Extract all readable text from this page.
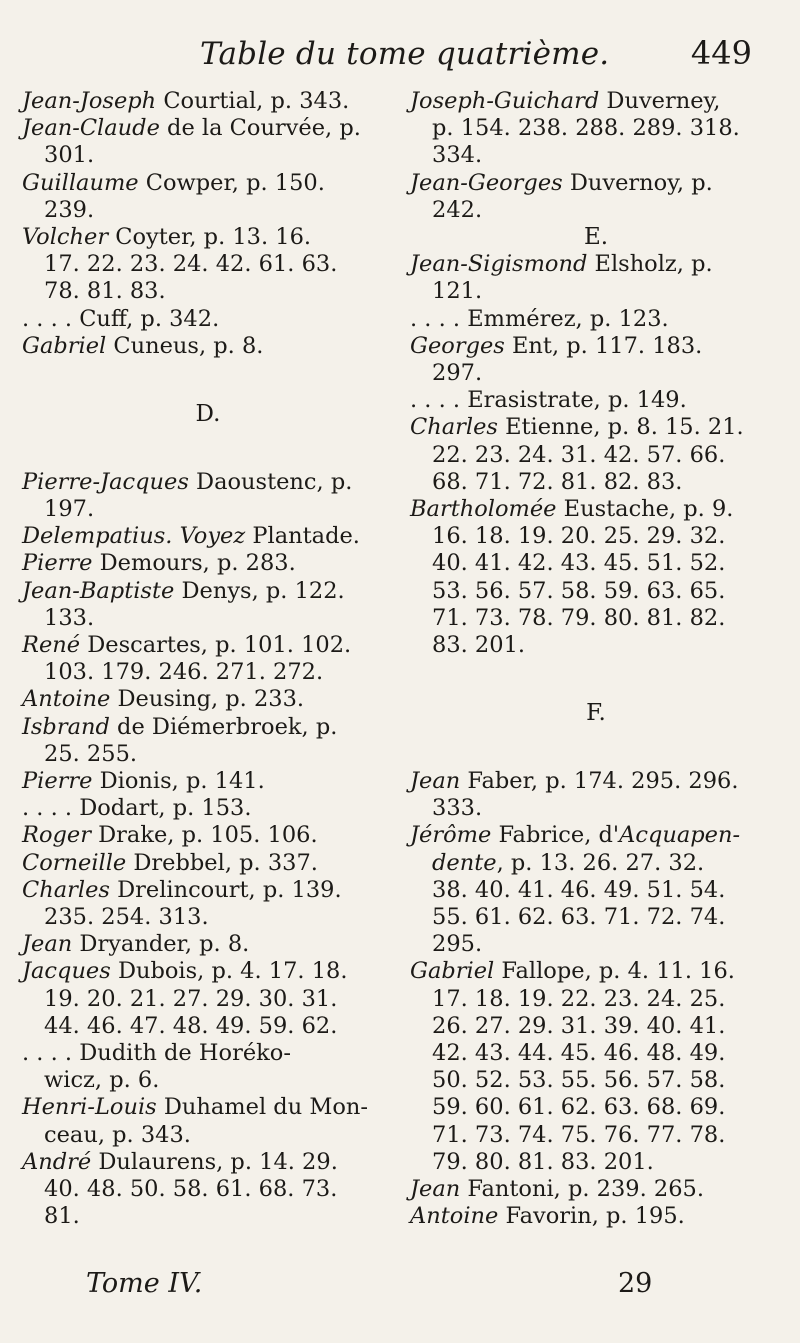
Table du tome quatrième.	449
Jean-Joseph Courtial, p. 343.
Jean-Claude de la Courvée, p.
301.
Guillaume Cowper, p. 150.
239.
Volcher Coyter, p. 13. 16.
17. 22. 23. 24. 42. 61. 63.
78. 81. 83.
. . . . Cuff, p. 342.
Gabriel Cuneus, p. 8.
D.
Pierre-Jacques Daoustenc, p.
197.
Delempatius. Voyez Plantade.
Pierre Demours, p. 283.
Jean-Baptiste Denys, p. 122.
133.
René Descartes, p. 101. 102.
103. 179. 246. 271. 272.
Antoine Deusing, p. 233.
Isbrand de Diémerbroek, p.
25. 255.
Pierre Dionis, p. 141.
. . . . Dodart, p. 153.
Roger Drake, p. 105. 106.
Corneille Drebbel, p. 337.
Charles Drelincourt, p. 139.
235. 254. 313.
Jean Dryander, p. 8.
Jacques Dubois, p. 4. 17. 18.
19. 20. 21. 27. 29. 30. 31.
44. 46. 47. 48. 49. 59. 62.
. . . . Dudith de Horéko-
wicz, p. 6.
Henri-Louis Duhamel du Mon-
ceau, p. 343.
André Dulaurens, p. 14. 29.
40. 48. 50. 58. 61. 68. 73.
81.
Joseph-Guichard Duverney,
p. 154. 238. 288. 289. 318.
334.
Jean-Georges Duvernoy, p.
242.
E.
Jean-Sigismond Elsholz, p.
121.
. . . . Emmérez, p. 123.
Georges Ent, p. 117. 183.
297.
. . . . Erasistrate, p. 149.
Charles Etienne, p. 8. 15. 21.
22. 23. 24. 31. 42. 57. 66.
68. 71. 72. 81. 82. 83.
Bartholomée Eustache, p. 9.
16. 18. 19. 20. 25. 29. 32.
40. 41. 42. 43. 45. 51. 52.
53. 56. 57. 58. 59. 63. 65.
71. 73. 78. 79. 80. 81. 82.
83. 201.
F.
Jean Faber, p. 174. 295. 296.
333.
Jérôme Fabrice, d'Acquapen-
dente, p. 13. 26. 27. 32.
38. 40. 41. 46. 49. 51. 54.
55. 61. 62. 63. 71. 72. 74.
295.
Gabriel Fallope, p. 4. 11. 16.
17. 18. 19. 22. 23. 24. 25.
26. 27. 29. 31. 39. 40. 41.
42. 43. 44. 45. 46. 48. 49.
50. 52. 53. 55. 56. 57. 58.
59. 60. 61. 62. 63. 68. 69.
71. 73. 74. 75. 76. 77. 78.
79. 80. 81. 83. 201.
Jean Fantoni, p. 239. 265.
Antoine Favorin, p. 195.
Tome IV.	29
